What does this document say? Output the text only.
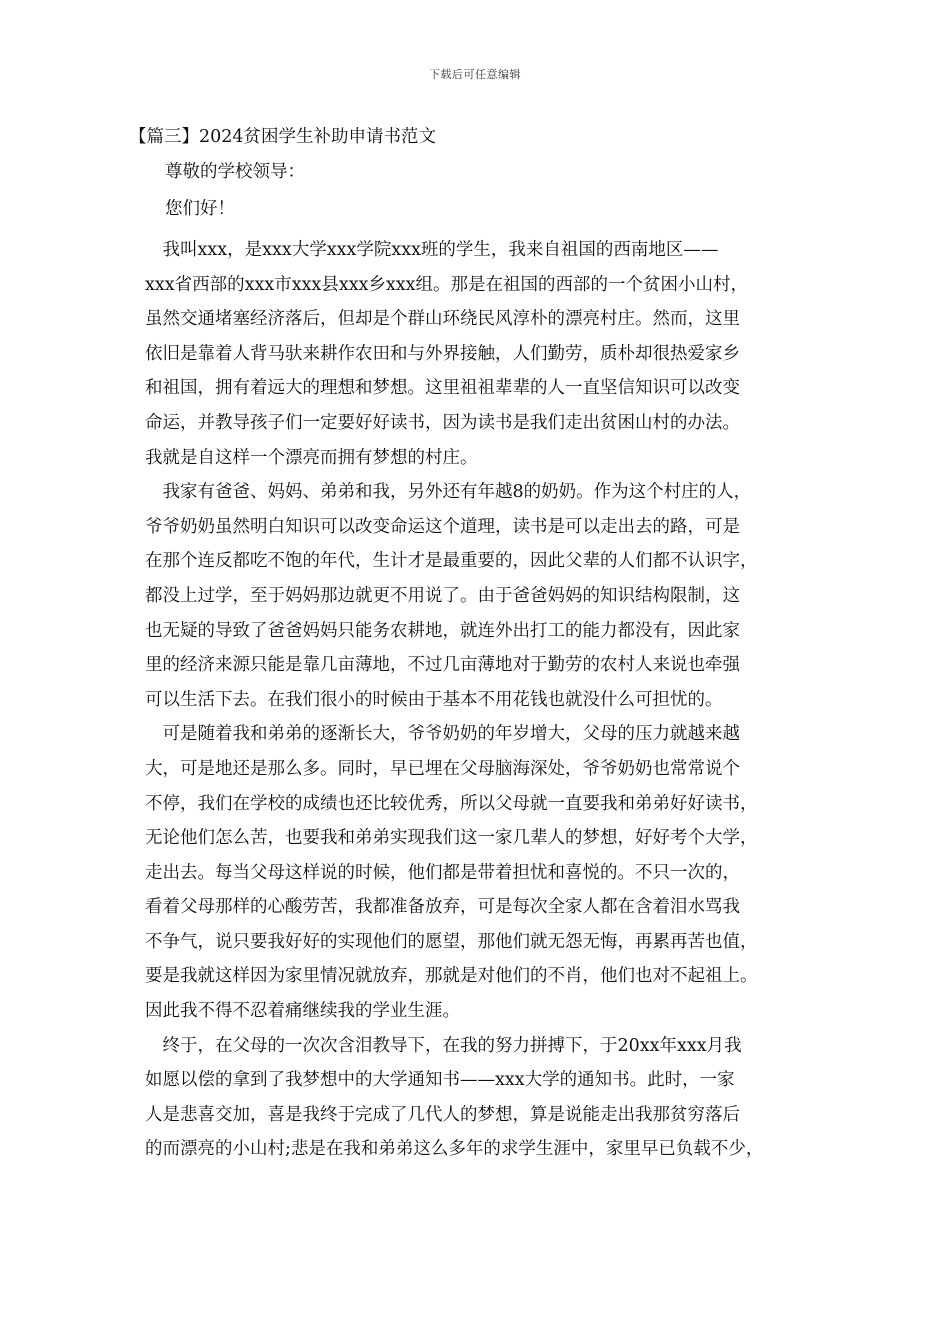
下载后可任意编辑
【篇三】2024贫困学生补助申请书范文
尊敬的学校领导：
您们好！
　我叫xxx，是xxx大学xxx学院xxx班的学生，我来自祖国的西南地区——
xxx省西部的xxx市xxx县xxx乡xxx组。那是在祖国的西部的一个贫困小山村，
虽然交通堵塞经济落后，但却是个群山环绕民风淳朴的漂亮村庄。然而，这里
依旧是靠着人背马驮来耕作农田和与外界接触，人们勤劳，质朴却很热爱家乡
和祖国，拥有着远大的理想和梦想。这里祖祖辈辈的人一直坚信知识可以改变
命运，并教导孩子们一定要好好读书，因为读书是我们走出贫困山村的办法。
我就是自这样一个漂亮而拥有梦想的村庄。
　我家有爸爸、妈妈、弟弟和我，另外还有年越8的奶奶。作为这个村庄的人，
爷爷奶奶虽然明白知识可以改变命运这个道理，读书是可以走出去的路，可是
在那个连反都吃不饱的年代，生计才是最重要的，因此父辈的人们都不认识字，
都没上过学，至于妈妈那边就更不用说了。由于爸爸妈妈的知识结构限制，这
也无疑的导致了爸爸妈妈只能务农耕地，就连外出打工的能力都没有，因此家
里的经济来源只能是靠几亩薄地，不过几亩薄地对于勤劳的农村人来说也牵强
可以生活下去。在我们很小的时候由于基本不用花钱也就没什么可担忧的。
　可是随着我和弟弟的逐渐长大，爷爷奶奶的年岁增大，父母的压力就越来越
大，可是地还是那么多。同时，早已埋在父母脑海深处，爷爷奶奶也常常说个
不停，我们在学校的成绩也还比较优秀，所以父母就一直要我和弟弟好好读书，
无论他们怎么苦，也要我和弟弟实现我们这一家几辈人的梦想，好好考个大学，
走出去。每当父母这样说的时候，他们都是带着担忧和喜悦的。不只一次的，
看着父母那样的心酸劳苦，我都准备放弃，可是每次全家人都在含着泪水骂我
不争气，说只要我好好的实现他们的愿望，那他们就无怨无悔，再累再苦也值，
要是我就这样因为家里情况就放弃，那就是对他们的不肖，他们也对不起祖上。
因此我不得不忍着痛继续我的学业生涯。
　终于，在父母的一次次含泪教导下，在我的努力拼搏下，于20xx年xxx月我
如愿以偿的拿到了我梦想中的大学通知书——xxx大学的通知书。此时，一家
人是悲喜交加，喜是我终于完成了几代人的梦想，算是说能走出我那贫穷落后
的而漂亮的小山村;悲是在我和弟弟这么多年的求学生涯中，家里早已负载不少，
